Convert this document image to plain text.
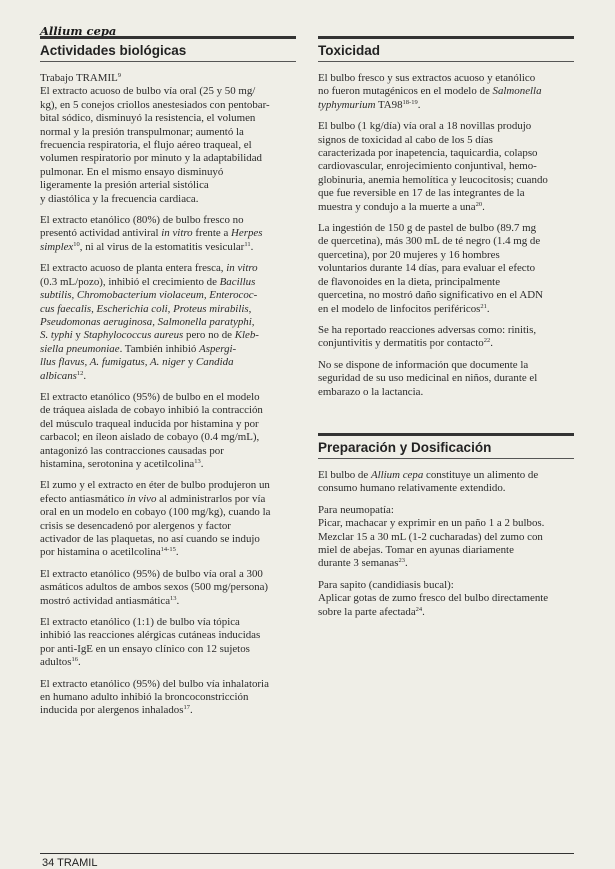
Allium cepa
Actividades biológicas

Trabajo TRAMIL$^9$
El extracto acuoso de bulbo vía oral (25 y 50 mg/
kg), en 5 conejos criollos anestesiados con pentobar-
bital sódico, disminuyó la resistencia, el volumen
normal y la presión transpulmonar; aumentó la
frecuencia respiratoria, el flujo aéreo traqueal, el
volumen respiratorio por minuto y la adaptabilidad
pulmonar. En el mismo ensayo disminuyó
ligeramente la presión arterial sistólica
y diastólica y la frecuencia cardiaca.

El extracto etanólico (80%) de bulbo fresco no
presentó actividad antiviral in vitro frente a Herpes
simplex$^{10}$, ni al virus de la estomatitis vesicular$^{11}$.

El extracto acuoso de planta entera fresca, in vitro
(0.3 mL/pozo), inhibió el crecimiento de Bacillus
subtilis, Chromobacterium violaceum, Enterococ-
cus faecalis, Escherichia coli, Proteus mirabilis,
Pseudomonas aeruginosa, Salmonella paratyphi,
S. typhi y Staphylococcus aureus pero no de Kleb-
siella pneumoniae. También inhibió Aspergi-
llus flavus, A. fumigatus, A. niger y Candida
albicans$^{12}$.

El extracto etanólico (95%) de bulbo en el modelo
de tráquea aislada de cobayo inhibió la contracción
del músculo traqueal inducida por histamina y por
carbacol; en íleon aislado de cobayo (0.4 mg/mL),
antagonizó las contracciones causadas por
histamina, serotonina y acetilcolina$^{13}$.

El zumo y el extracto en éter de bulbo produjeron un
efecto antiasmático in vivo al administrarlos por vía
oral en un modelo en cobayo (100 mg/kg), cuando la
crisis se desencadenó por alergenos y factor
activador de las plaquetas, no así cuando se indujo
por histamina o acetilcolina$^{14-15}$.

El extracto etanólico (95%) de bulbo vía oral a 300
asmáticos adultos de ambos sexos (500 mg/persona)
mostró actividad antiasmática$^{13}$.

El extracto etanólico (1:1) de bulbo vía tópica
inhibió las reacciones alérgicas cutáneas inducidas
por anti-IgE en un ensayo clínico con 12 sujetos
adultos$^{16}$.

El extracto etanólico (95%) del bulbo vía inhalatoria
en humano adulto inhibió la broncoconstricción
inducida por alergenos inhalados$^{17}$.

Toxicidad

El bulbo fresco y sus extractos acuoso y etanólico
no fueron mutagénicos en el modelo de Salmonella
typhymurium TA98$^{18-19}$.

El bulbo (1 kg/día) vía oral a 18 novillas produjo
signos de toxicidad al cabo de los 5 días
caracterizada por inapetencia, taquicardia, colapso
cardiovascular, enrojecimiento conjuntival, hemo-
globinuria, anemia hemolítica y leucocitosis; cuando
que fue reversible en 17 de las integrantes de la
muestra y condujo a la muerte a una$^{20}$.

La ingestión de 150 g de pastel de bulbo (89.7 mg
de quercetina), más 300 mL de té negro (1.4 mg de
quercetina), por 20 mujeres y 16 hombres
voluntarios durante 14 días, para evaluar el efecto
de flavonoides en la dieta, principalmente
quercetina, no mostró daño significativo en el ADN
en el modelo de linfocitos periféricos$^{21}$.

Se ha reportado reacciones adversas como: rinitis,
conjuntivitis y dermatitis por contacto$^{22}$.

No se dispone de información que documente la
seguridad de su uso medicinal en niños, durante el
embarazo o la lactancia.

Preparación y Dosificación

El bulbo de Allium cepa constituye un alimento de
consumo humano relativamente extendido.

Para neumopatía:
Picar, machacar y exprimir en un paño 1 a 2 bulbos.
Mezclar 15 a 30 mL (1-2 cucharadas) del zumo con
miel de abejas. Tomar en ayunas diariamente
durante 3 semanas$^{23}$.

Para sapito (candidiasis bucal):
Aplicar gotas de zumo fresco del bulbo directamente
sobre la parte afectada$^{24}$.

34 TRAMIL
